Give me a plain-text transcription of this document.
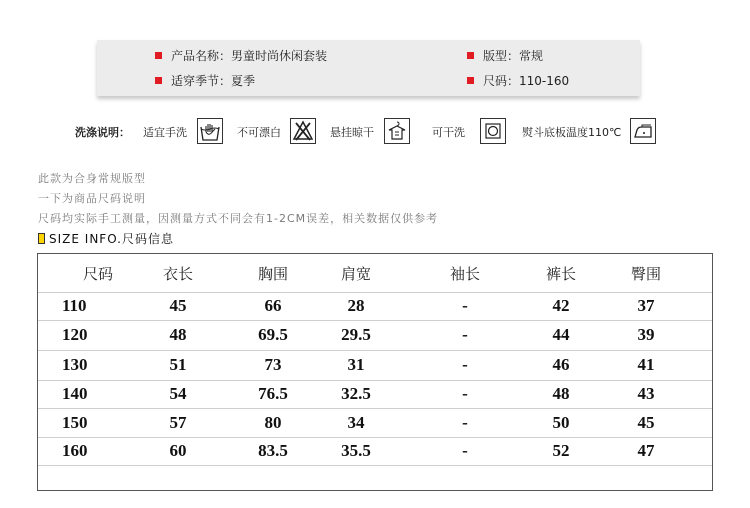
产品名称：男童时尚休闲套装
适穿季节：夏季
版型：常规
尺码：110-160
洗涤说明： 适宜手洗	不可漂白	悬挂晾干	可干洗	熨斗底板温度110℃
此款为合身常规版型
一下为商品尺码说明
尺码均实际手工测量，因测量方式不同会有1-2CM误差，相关数据仅供参考
SIZE INFO.尺码信息
尺码	衣长	胸围	肩宽	袖长	裤长	臀围
110	45	66	28	-	42	37
120	48	69.5	29.5	-	44	39
130	51	73	31	-	46	41
140	54	76.5	32.5	-	48	43
150	57	80	34	-	50	45
160	60	83.5	35.5	-	52	47
